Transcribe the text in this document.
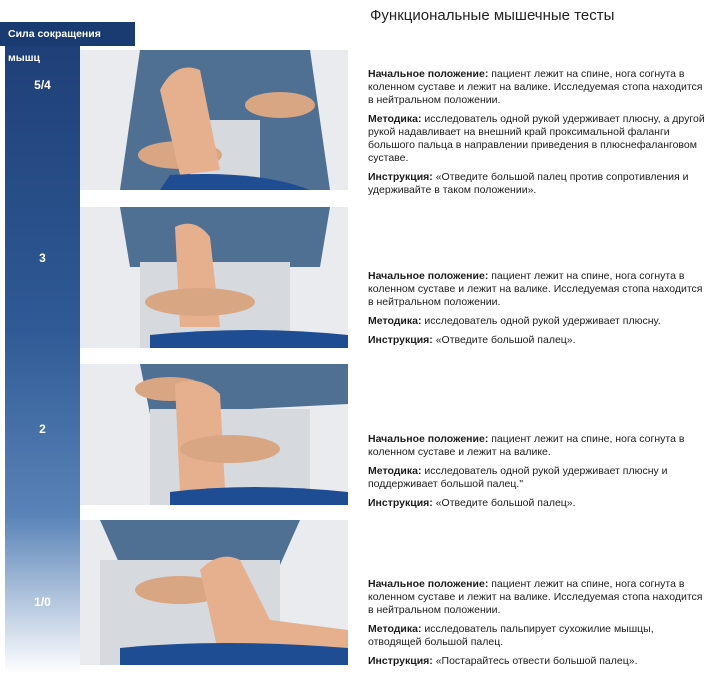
Функциональные мышечные тесты
Сила сокращения мышц
5/4
3
2
1/0

Начальное положение: пациент лежит на спине, нога согнута в коленном суставе и лежит на валике. Исследуемая стопа находится в нейтральном положении.

Методика: исследователь одной рукой удерживает плюсну, а другой рукой надавливает на внешний край проксимальной фаланги большого пальца в направлении приведения в плюснефаланговом суставе.

Инструкция: «Отведите большой палец против сопротивления и удерживайте в таком положении».

Начальное положение: пациент лежит на спине, нога согнута в коленном суставе и лежит на валике. Исследуемая стопа находится в нейтральном положении.

Методика: исследователь одной рукой удерживает плюсну.

Инструкция: «Отведите большой палец».

Начальное положение: пациент лежит на спине, нога согнута в коленном суставе и лежит на валике.

Методика: исследователь одной рукой удерживает плюсну и поддерживает большой палец."

Инструкция: «Отведите большой палец».

Начальное положение: пациент лежит на спине, нога согнута в коленном суставе и лежит на валике. Исследуемая стопа находится в нейтральном положении.

Методика: исследователь пальпирует сухожилие мышцы, отводящей большой палец.

Инструкция: «Постарайтесь отвести большой палец».
